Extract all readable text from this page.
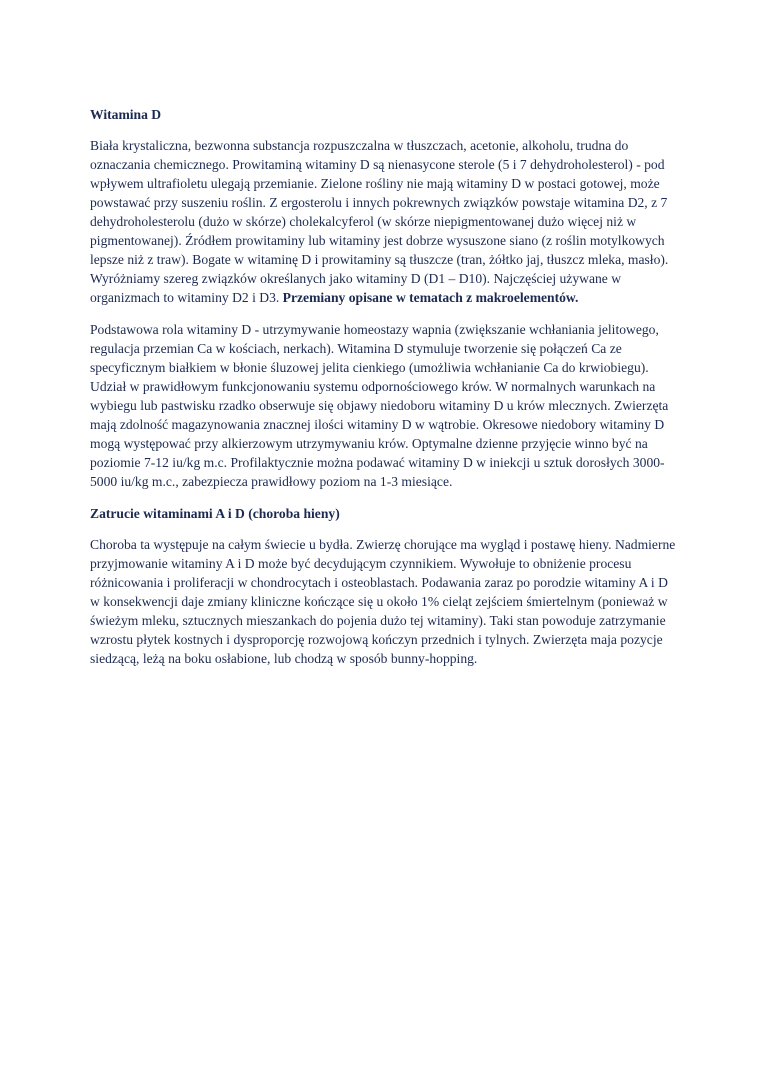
Witamina D
Biała krystaliczna, bezwonna substancja rozpuszczalna w tłuszczach, acetonie, alkoholu, trudna do oznaczania chemicznego. Prowitaminą witaminy D są nienasycone sterole (5 i 7 dehydroholesterol) - pod wpływem ultrafioletu ulegają przemianie. Zielone rośliny nie mają witaminy D w postaci gotowej, może powstawać przy suszeniu roślin. Z ergosterolu i innych pokrewnych związków powstaje witamina D2, z 7 dehydroholesterolu (dużo w skórze) cholekalcyferol (w skórze niepigmentowanej dużo więcej niż w pigmentowanej). Źródłem prowitaminy lub witaminy jest dobrze wysuszone siano (z roślin motylkowych lepsze niż z traw). Bogate w witaminę D i prowitaminy są tłuszcze (tran, żółtko jaj, tłuszcz mleka, masło). Wyróżniamy szereg związków określanych jako witaminy D (D1 – D10). Najczęściej używane w organizmach to witaminy D2 i D3. Przemiany opisane w tematach z makroelementów.
Podstawowa rola witaminy D - utrzymywanie homeostazy wapnia (zwiększanie wchłaniania jelitowego, regulacja przemian Ca w kościach, nerkach). Witamina D stymuluje tworzenie się połączeń Ca ze specyficznym białkiem w błonie śluzowej jelita cienkiego (umożliwia wchłanianie Ca do krwiobiegu). Udział w prawidłowym funkcjonowaniu systemu odpornościowego krów. W normalnych warunkach na wybiegu lub pastwisku rzadko obserwuje się objawy niedoboru witaminy D u krów mlecznych. Zwierzęta mają zdolność magazynowania znacznej ilości witaminy D w wątrobie. Okresowe niedobory witaminy D mogą występować przy alkierzowym utrzymywaniu krów. Optymalne dzienne przyjęcie winno być na poziomie 7-12 iu/kg m.c. Profilaktycznie można podawać witaminy D w iniekcji u sztuk dorosłych 3000-5000 iu/kg m.c., zabezpiecza prawidłowy poziom na 1-3 miesiące.
Zatrucie witaminami A i D (choroba hieny)
Choroba ta występuje na całym świecie u bydła. Zwierzę chorujące ma wygląd i postawę hieny. Nadmierne przyjmowanie witaminy A i D może być decydującym czynnikiem. Wywołuje to obniżenie procesu różnicowania i proliferacji w chondrocytach i osteoblastach. Podawania zaraz po porodzie witaminy A i D w konsekwencji daje zmiany kliniczne kończące się u około 1% cieląt zejściem śmiertelnym (ponieważ w świeżym mleku, sztucznych mieszankach do pojenia dużo tej witaminy). Taki stan powoduje zatrzymanie wzrostu płytek kostnych i dysproporcję rozwojową kończyn przednich i tylnych. Zwierzęta maja pozycje siedzącą, leżą na boku osłabione, lub chodzą w sposób bunny-hopping.
